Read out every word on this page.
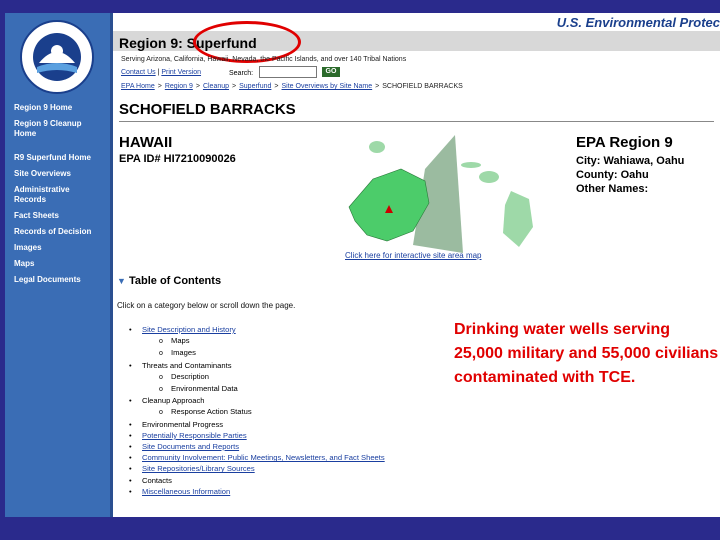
Region 9 Home
Region 9 Cleanup
Home
R9 Superfund Home
Site Overviews
Administrative
Records
Fact Sheets
Records of Decision
Images
Maps
Legal Documents
U.S. Environmental Protec
Region 9: Superfund
Serving Arizona, California, Hawaii, Nevada, the Pacific Islands, and over 140 Tribal Nations
Contact Us | Print Version	Search:	GO
EPA Home > Region 9 > Cleanup > Superfund > Site Overviews by Site Name > SCHOFIELD BARRACKS
SCHOFIELD BARRACKS
HAWAII
EPA ID# HI7210090026
Click here for interactive site area map
EPA Region 9
City: Wahiawa, Oahu
County: Oahu
Other Names:
▼ Table of Contents
Click on a category below or scroll down the page.
• Site Description and History
o Maps
o Images
• Threats and Contaminants
o Description
o Environmental Data
• Cleanup Approach
o Response Action Status
• Environmental Progress
• Potentially Responsible Parties
• Site Documents and Reports
• Community Involvement: Public Meetings, Newsletters, and Fact Sheets
• Site Repositories/Library Sources
• Contacts
• Miscellaneous Information
Drinking water wells serving 25,000 military and 55,000 civilians contaminated with TCE.
